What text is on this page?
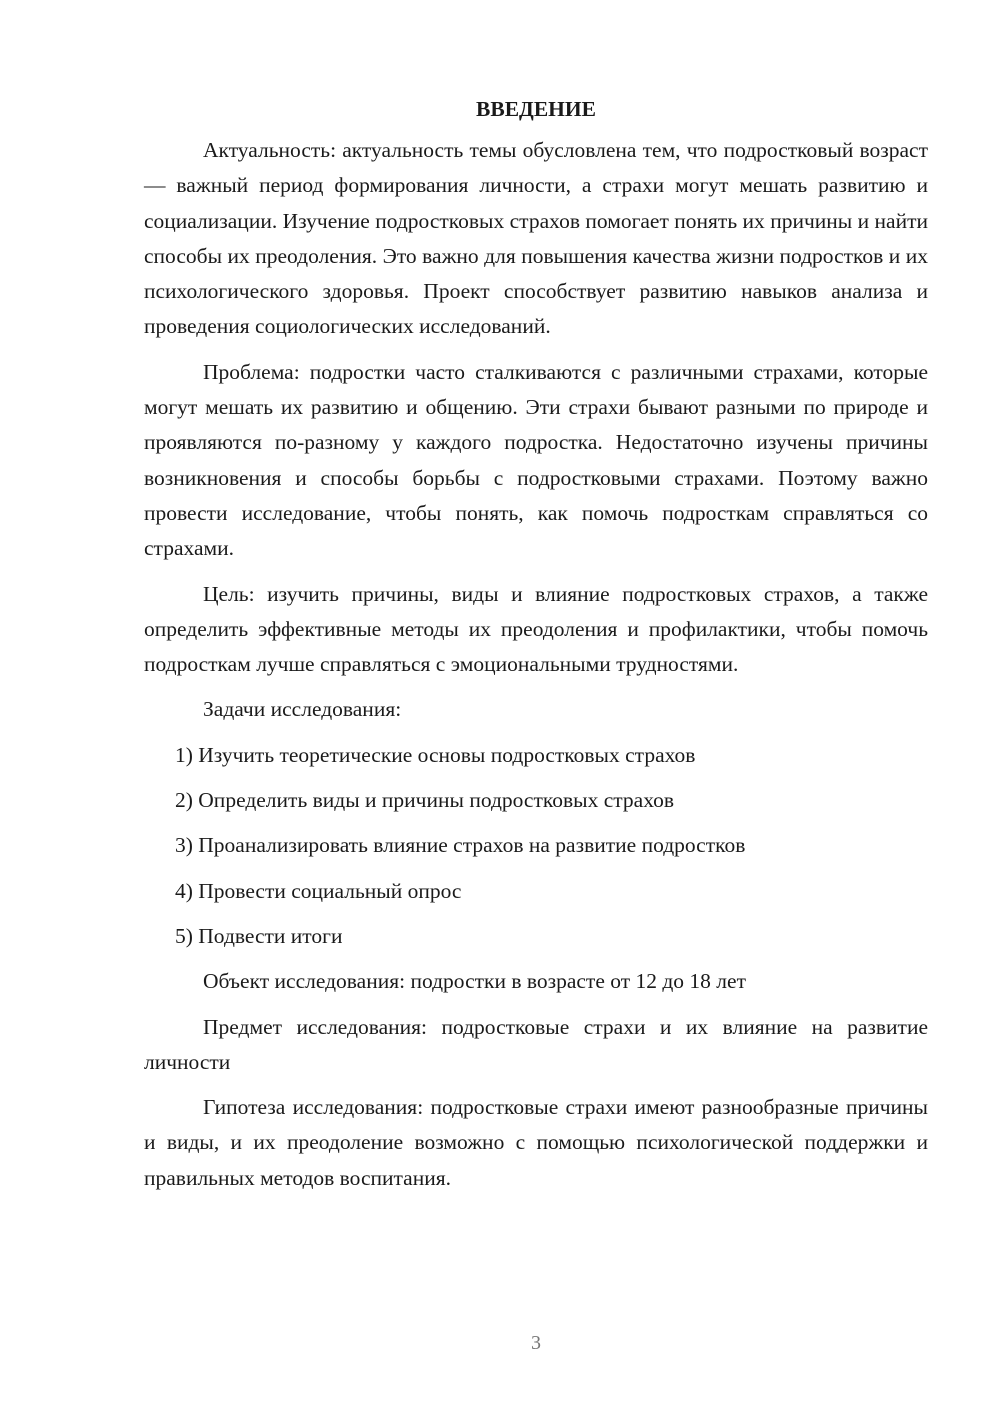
ВВЕДЕНИЕ

Актуальность: актуальность темы обусловлена тем, что подростковый возраст — важный период формирования личности, а страхи могут мешать развитию и социализации. Изучение подростковых страхов помогает понять их причины и найти способы их преодоления. Это важно для повышения качества жизни подростков и их психологического здоровья. Проект способствует развитию навыков анализа и проведения социологических исследований.

Проблема: подростки часто сталкиваются с различными страхами, которые могут мешать их развитию и общению. Эти страхи бывают разными по природе и проявляются по-разному у каждого подростка. Недостаточно изучены причины возникновения и способы борьбы с подростковыми страхами. Поэтому важно провести исследование, чтобы понять, как помочь подросткам справляться со страхами.

Цель: изучить причины, виды и влияние подростковых страхов, а также определить эффективные методы их преодоления и профилактики, чтобы помочь подросткам лучше справляться с эмоциональными трудностями.

Задачи исследования:

1) Изучить теоретические основы подростковых страхов
2) Определить виды и причины подростковых страхов
3) Проанализировать влияние страхов на развитие подростков
4) Провести социальный опрос
5) Подвести итоги

Объект исследования: подростки в возрасте от 12 до 18 лет

Предмет исследования: подростковые страхи и их влияние на развитие личности

Гипотеза исследования: подростковые страхи имеют разнообразные причины и виды, и их преодоление возможно с помощью психологической поддержки и правильных методов воспитания.

3
